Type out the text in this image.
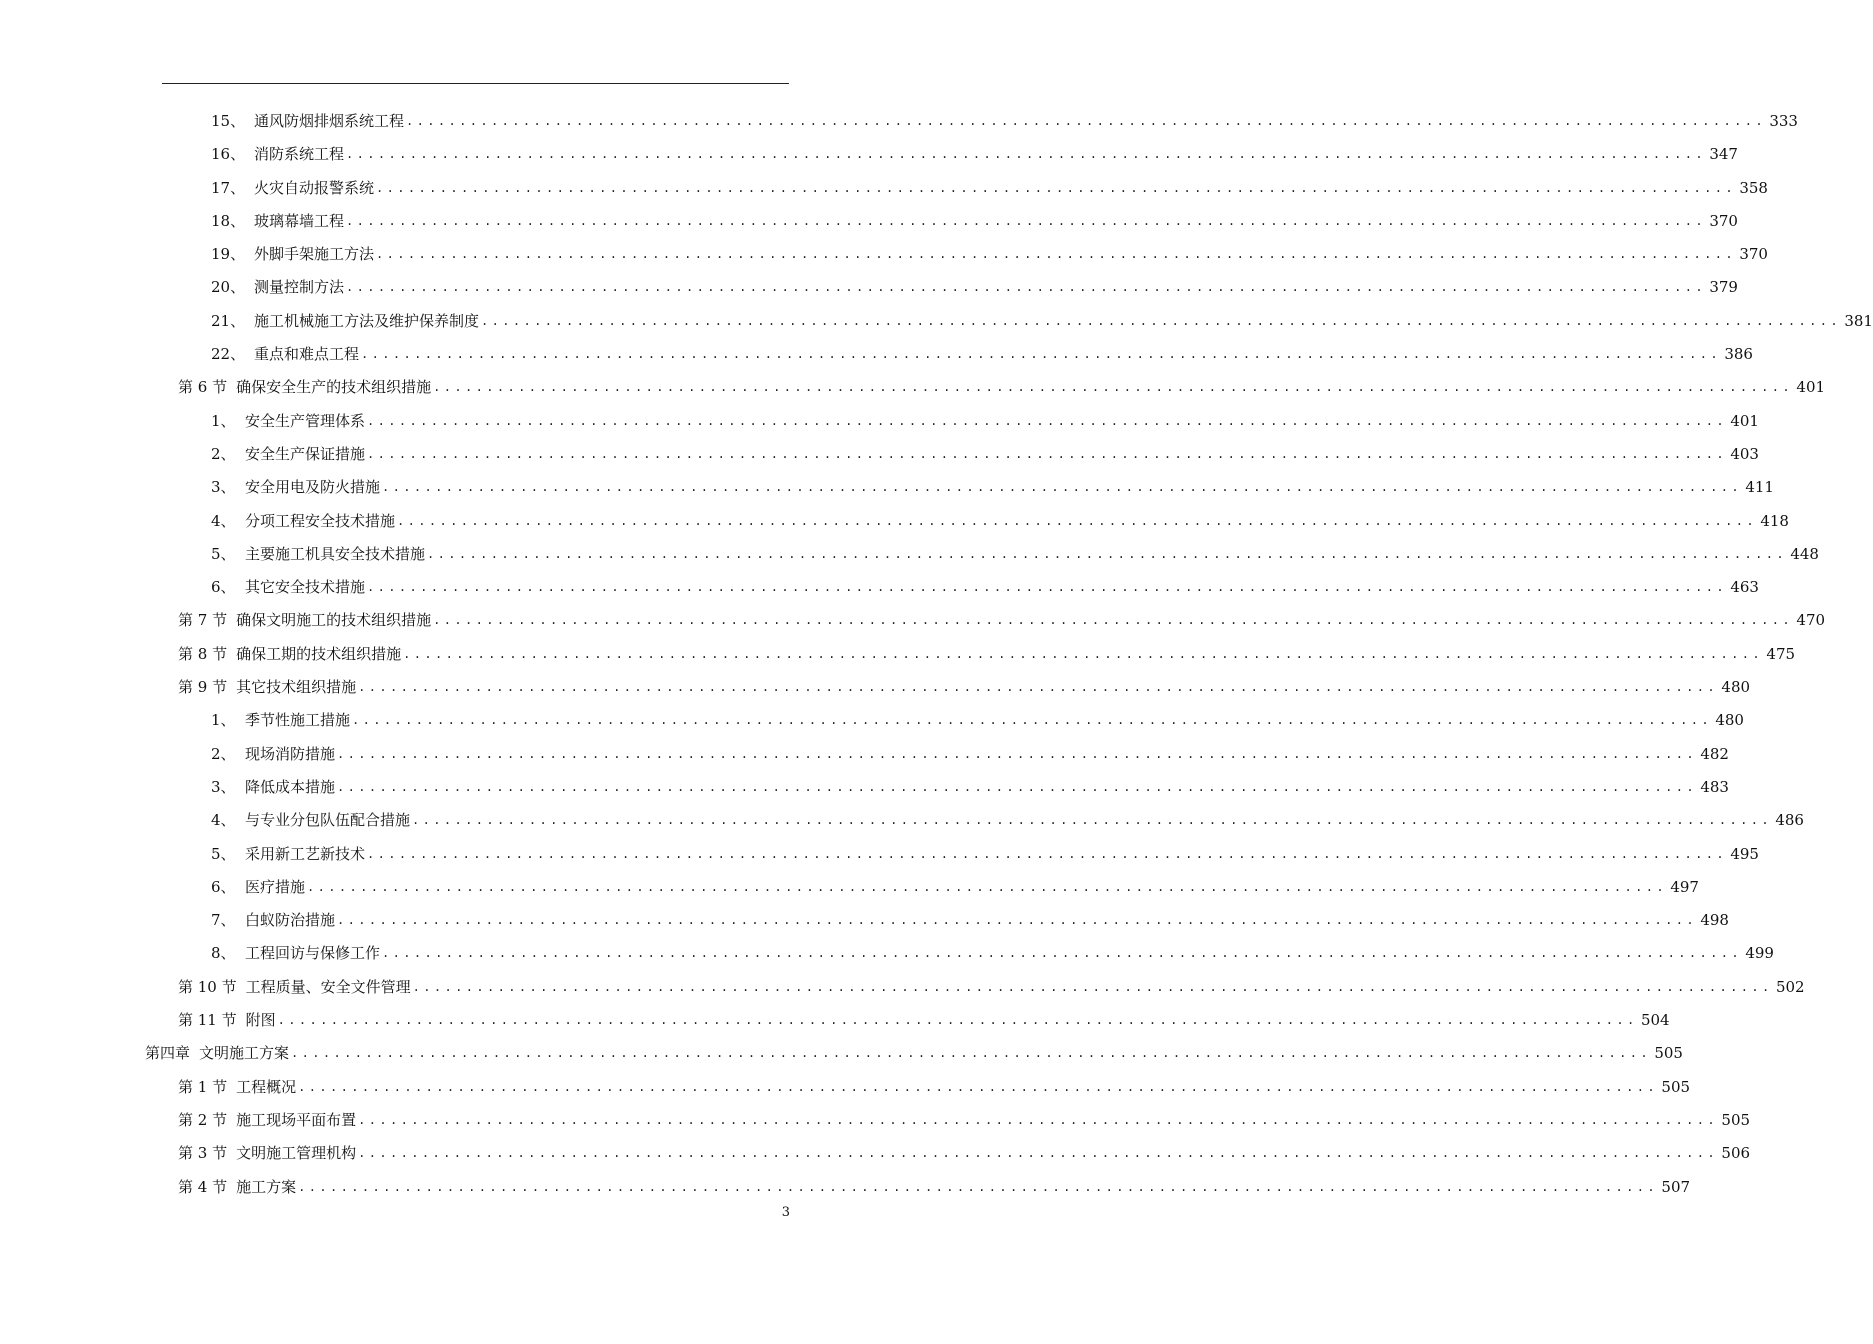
15、 通风防烟排烟系统工程 ................................................................................................................................ 333
16、 消防系统工程 ................................................................................................................................ 347
17、 火灾自动报警系统 ................................................................................................................................ 358
18、 玻璃幕墙工程 ................................................................................................................................ 370
19、 外脚手架施工方法 ................................................................................................................................ 370
20、 测量控制方法 ................................................................................................................................ 379
21、 施工机械施工方法及维护保养制度 ................................................................................................................................ 381
22、 重点和难点工程 ................................................................................................................................ 386
第 6 节 确保安全生产的技术组织措施 ................................................................................................................................ 401
1、 安全生产管理体系 ................................................................................................................................ 401
2、 安全生产保证措施 ................................................................................................................................ 403
3、 安全用电及防火措施 ................................................................................................................................ 411
4、 分项工程安全技术措施 ................................................................................................................................ 418
5、 主要施工机具安全技术措施 ................................................................................................................................ 448
6、 其它安全技术措施 ................................................................................................................................ 463
第 7 节 确保文明施工的技术组织措施 ................................................................................................................................ 470
第 8 节 确保工期的技术组织措施 ................................................................................................................................ 475
第 9 节 其它技术组织措施 ................................................................................................................................ 480
1、 季节性施工措施 ................................................................................................................................ 480
2、 现场消防措施 ................................................................................................................................ 482
3、 降低成本措施 ................................................................................................................................ 483
4、 与专业分包队伍配合措施 ................................................................................................................................ 486
5、 采用新工艺新技术 ................................................................................................................................ 495
6、 医疗措施 ................................................................................................................................ 497
7、 白蚁防治措施 ................................................................................................................................ 498
8、 工程回访与保修工作 ................................................................................................................................ 499
第 10 节 工程质量、安全文件管理 ................................................................................................................................ 502
第 11 节 附图 ................................................................................................................................ 504
第四章 文明施工方案 ................................................................................................................................ 505
第 1 节 工程概况 ................................................................................................................................ 505
第 2 节 施工现场平面布置 ................................................................................................................................ 505
第 3 节 文明施工管理机构 ................................................................................................................................ 506
第 4 节 施工方案 ................................................................................................................................ 507
3
